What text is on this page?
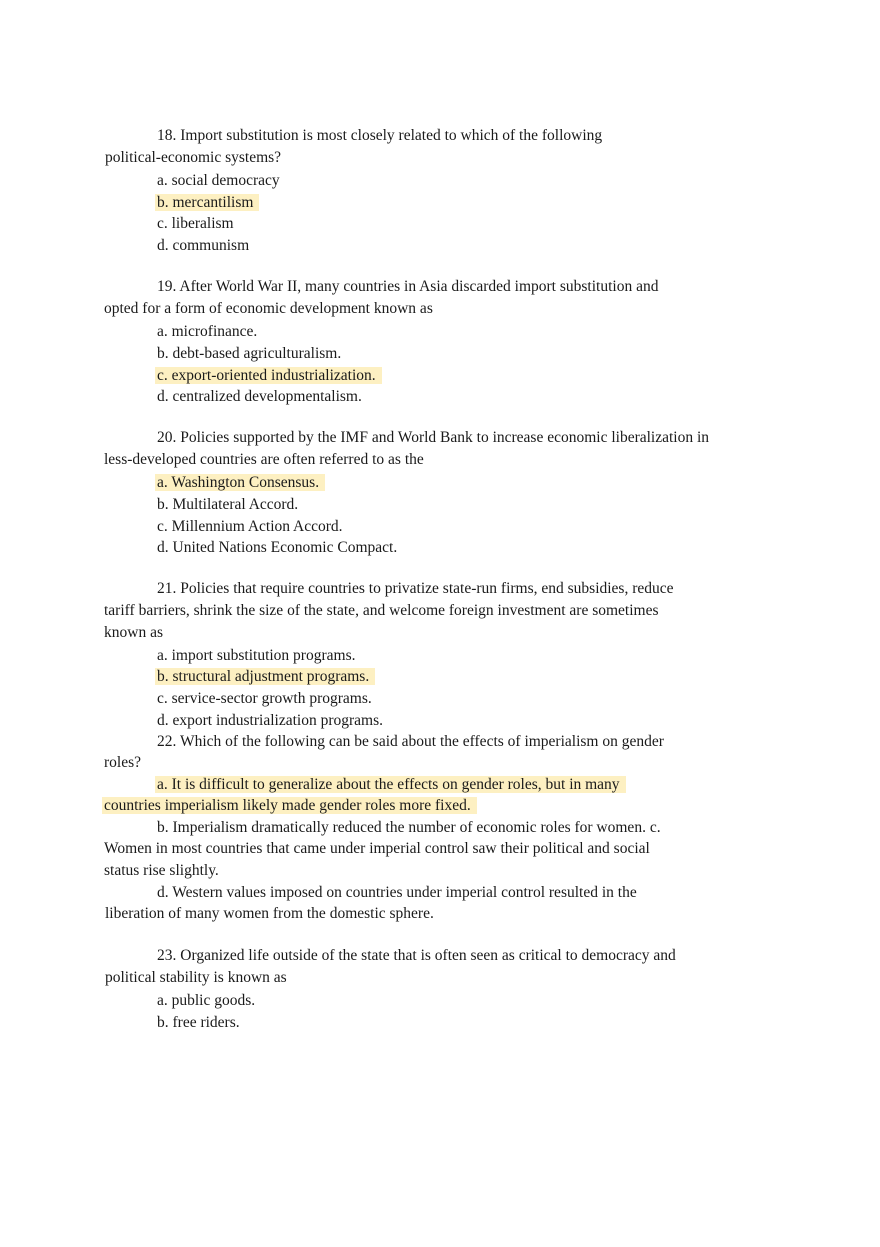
18. Import substitution is most closely related to which of the following
political-economic systems?
a. social democracy
b. mercantilism
c. liberalism
d. communism
19. After World War II, many countries in Asia discarded import substitution and
opted for a form of economic development known as
a. microfinance.
b. debt-based agriculturalism.
c. export-oriented industrialization.
d. centralized developmentalism.
20. Policies supported by the IMF and World Bank to increase economic liberalization in
less-developed countries are often referred to as the
a. Washington Consensus.
b. Multilateral Accord.
c. Millennium Action Accord.
d. United Nations Economic Compact.
21. Policies that require countries to privatize state-run firms, end subsidies, reduce
tariff barriers, shrink the size of the state, and welcome foreign investment are sometimes
known as
a. import substitution programs.
b. structural adjustment programs.
c. service-sector growth programs.
d. export industrialization programs.
22. Which of the following can be said about the effects of imperialism on gender
roles?
a. It is difficult to generalize about the effects on gender roles, but in many
countries imperialism likely made gender roles more fixed.
b. Imperialism dramatically reduced the number of economic roles for women. c.
Women in most countries that came under imperial control saw their political and social
status rise slightly.
d. Western values imposed on countries under imperial control resulted in the
liberation of many women from the domestic sphere.
23. Organized life outside of the state that is often seen as critical to democracy and
political stability is known as
a. public goods.
b. free riders.
